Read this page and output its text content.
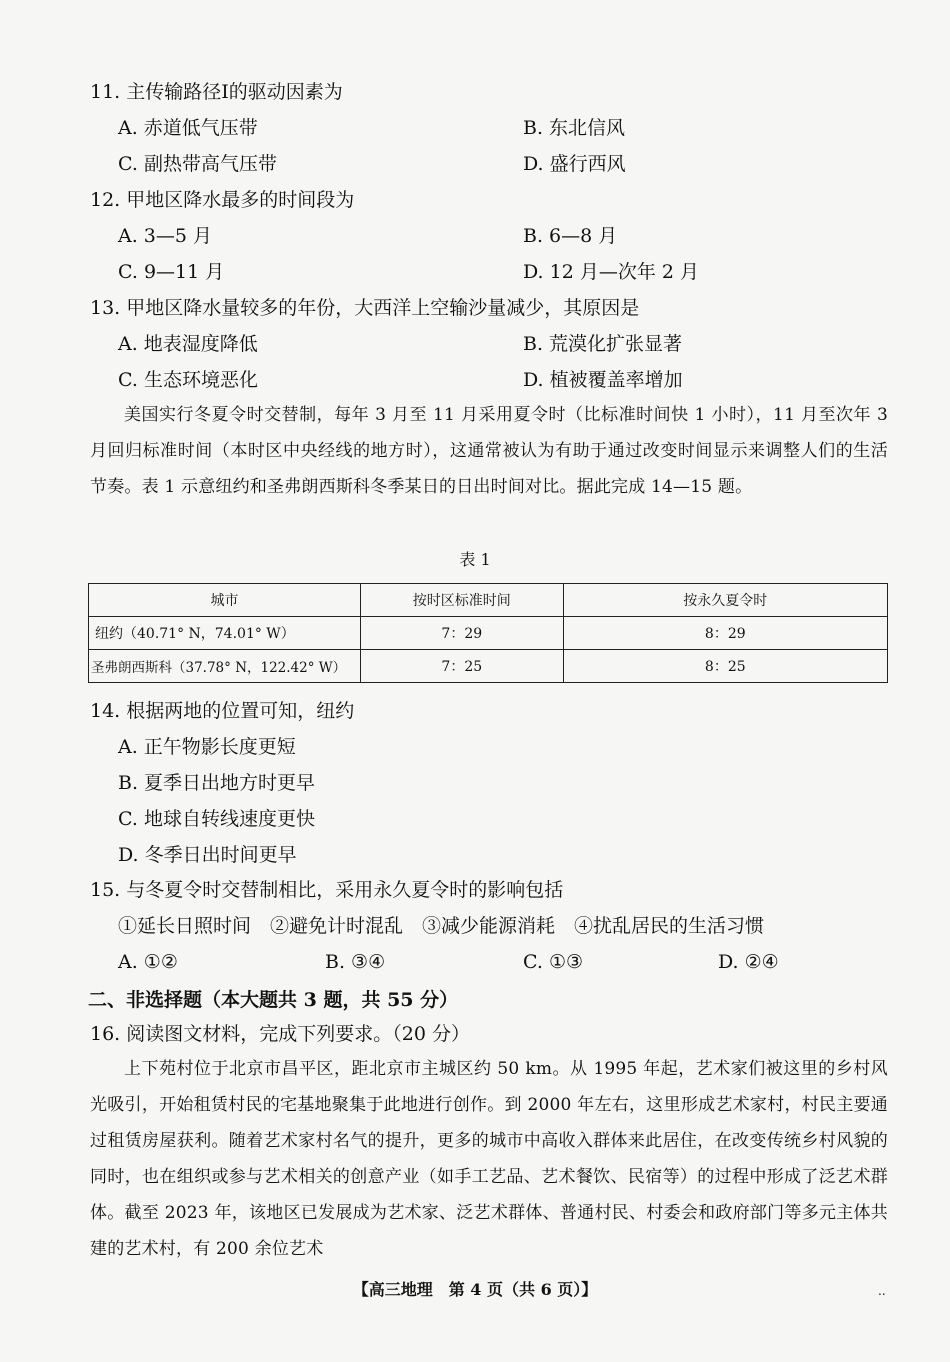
11. 主传输路径Ⅰ的驱动因素为
A. 赤道低气压带	B. 东北信风
C. 副热带高气压带	D. 盛行西风
12. 甲地区降水最多的时间段为
A. 3—5 月	B. 6—8 月
C. 9—11 月	D. 12 月—次年 2 月
13. 甲地区降水量较多的年份，大西洋上空输沙量减少，其原因是
A. 地表湿度降低	B. 荒漠化扩张显著
C. 生态环境恶化	D. 植被覆盖率增加

美国实行冬夏令时交替制，每年 3 月至 11 月采用夏令时（比标准时间快 1 小时），11 月至次年 3 月回归标准时间（本时区中央经线的地方时），这通常被认为有助于通过改变时间显示来调整人们的生活节奏。表 1 示意纽约和圣弗朗西斯科冬季某日的日出时间对比。据此完成 14—15 题。

表 1
城市	按时区标准时间	按永久夏令时
纽约（40.71° N，74.01° W）	7：29	8：29
圣弗朗西斯科（37.78° N，122.42° W）	7：25	8：25
14. 根据两地的位置可知，纽约
A. 正午物影长度更短
B. 夏季日出地方时更早
C. 地球自转线速度更快
D. 冬季日出时间更早
15. 与冬夏令时交替制相比，采用永久夏令时的影响包括
①延长日照时间　②避免计时混乱　③减少能源消耗　④扰乱居民的生活习惯
A. ①②	B. ③④	C. ①③	D. ②④
二、非选择题（本大题共 3 题，共 55 分）
16. 阅读图文材料，完成下列要求。（20 分）

上下苑村位于北京市昌平区，距北京市主城区约 50 km。从 1995 年起，艺术家们被这里的乡村风光吸引，开始租赁村民的宅基地聚集于此地进行创作。到 2000 年左右，这里形成艺术家村，村民主要通过租赁房屋获利。随着艺术家村名气的提升，更多的城市中高收入群体来此居住，在改变传统乡村风貌的同时，也在组织或参与艺术相关的创意产业（如手工艺品、艺术餐饮、民宿等）的过程中形成了泛艺术群体。截至 2023 年，该地区已发展成为艺术家、泛艺术群体、普通村民、村委会和政府部门等多元主体共建的艺术村，有 200 余位艺术

【高三地理　第 4 页（共 6 页）】	..
